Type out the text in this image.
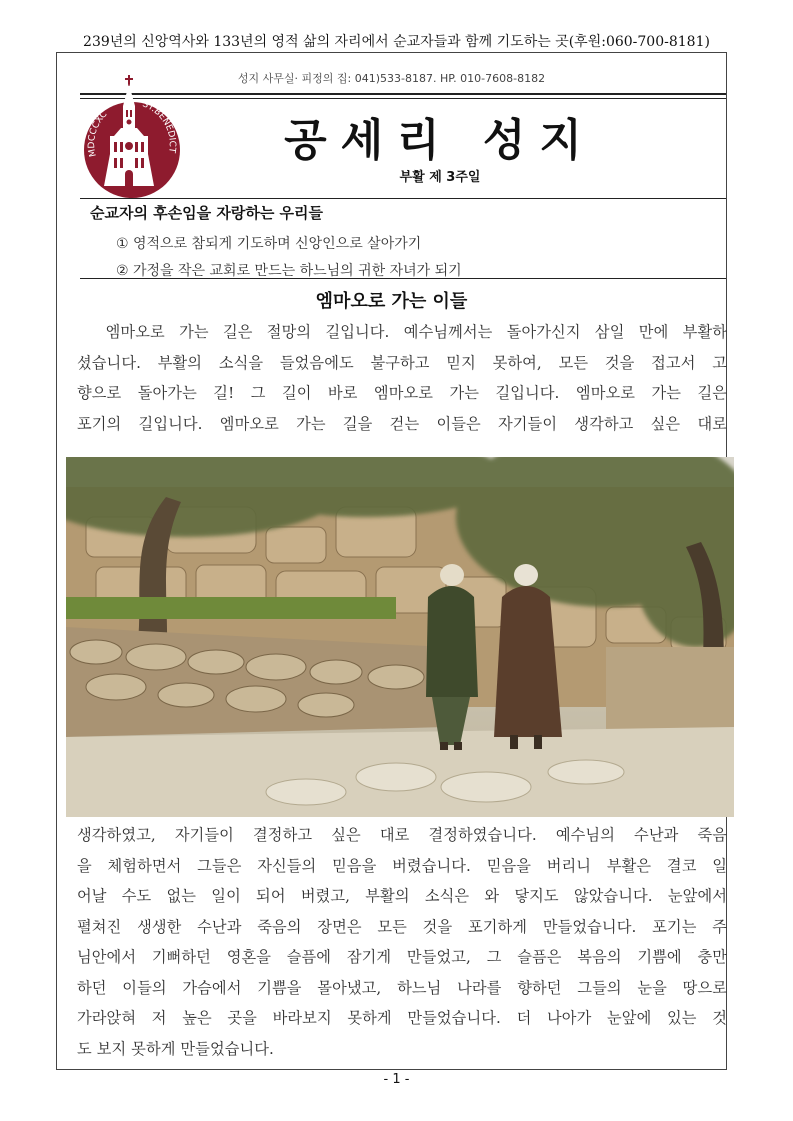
239년의 신앙역사와 133년의 영적 삶의 자리에서 순교자들과 함께 기도하는 곳(후원:060-700-8181)
성지 사무실· 피정의 집: 041)533-8187. HP. 010-7608-8182
MDCCCXC
ST.BENEDICT	공세리 성지
부활 제 3주일
순교자의 후손임을 자랑하는 우리들
① 영적으로 참되게 기도하며 신앙인으로 살아가기
② 가정을 작은 교회로 만드는 하느님의 귀한 자녀가 되기
엠마오로 가는 이들
엠마오로 가는 길은 절망의 길입니다. 예수님께서는 돌아가신지 삼일 만에 부활하
셨습니다. 부활의 소식을 들었음에도 불구하고 믿지 못하여, 모든 것을 접고서 고
향으로 돌아가는 길! 그 길이 바로 엠마오로 가는 길입니다. 엠마오로 가는 길은
포기의 길입니다. 엠마오로 가는 길을 걷는 이들은 자기들이 생각하고 싶은 대로
생각하였고, 자기들이 결정하고 싶은 대로 결정하였습니다. 예수님의 수난과 죽음
을 체험하면서 그들은 자신들의 믿음을 버렸습니다. 믿음을 버리니 부활은 결코 일
어날 수도 없는 일이 되어 버렸고, 부활의 소식은 와 닿지도 않았습니다. 눈앞에서
펼쳐진 생생한 수난과 죽음의 장면은 모든 것을 포기하게 만들었습니다. 포기는 주
님안에서 기뻐하던 영혼을 슬픔에 잠기게 만들었고, 그 슬픔은 복음의 기쁨에 충만
하던 이들의 가슴에서 기쁨을 몰아냈고, 하느님 나라를 향하던 그들의 눈을 땅으로
가라앉혀 저 높은 곳을 바라보지 못하게 만들었습니다. 더 나아가 눈앞에 있는 것
도 보지 못하게 만들었습니다.
- 1 -
